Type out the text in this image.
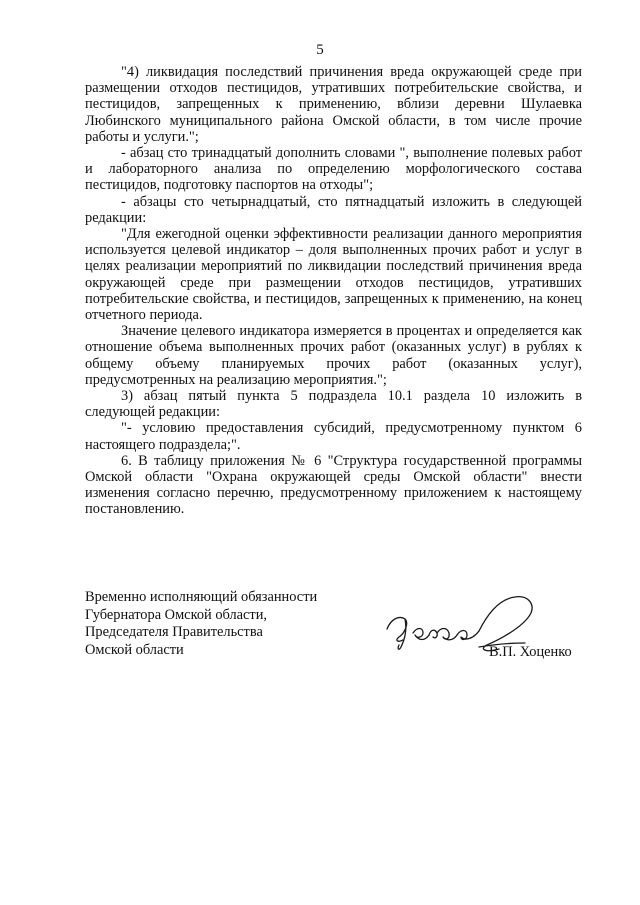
5

"4) ликвидация последствий причинения вреда окружающей среде при размещении отходов пестицидов, утративших потребительские свойства, и пестицидов, запрещенных к применению, вблизи деревни Шулаевка Любинского муниципального района Омской области, в том числе прочие работы и услуги.";

- абзац сто тринадцатый дополнить словами ", выполнение полевых работ и лабораторного анализа по определению морфологического состава пестицидов, подготовку паспортов на отходы";

- абзацы сто четырнадцатый, сто пятнадцатый изложить в следующей редакции:

"Для ежегодной оценки эффективности реализации данного мероприятия используется целевой индикатор – доля выполненных прочих работ и услуг в целях реализации мероприятий по ликвидации последствий причинения вреда окружающей среде при размещении отходов пестицидов, утративших потребительские свойства, и пестицидов, запрещенных к применению, на конец отчетного периода.

Значение целевого индикатора измеряется в процентах и определяется как отношение объема выполненных прочих работ (оказанных услуг) в рублях к общему объему планируемых прочих работ (оказанных услуг), предусмотренных на реализацию мероприятия.";

3) абзац пятый пункта 5 подраздела 10.1 раздела 10 изложить в следующей редакции:

"- условию предоставления субсидий, предусмотренному пунктом 6 настоящего подраздела;".

6. В таблицу приложения № 6 "Структура государственной программы Омской области "Охрана окружающей среды Омской области" внести изменения согласно перечню, предусмотренному приложением к настоящему постановлению.

Временно исполняющий обязанности
Губернатора Омской области,
Председателя Правительства
Омской области	В.П. Хоценко
